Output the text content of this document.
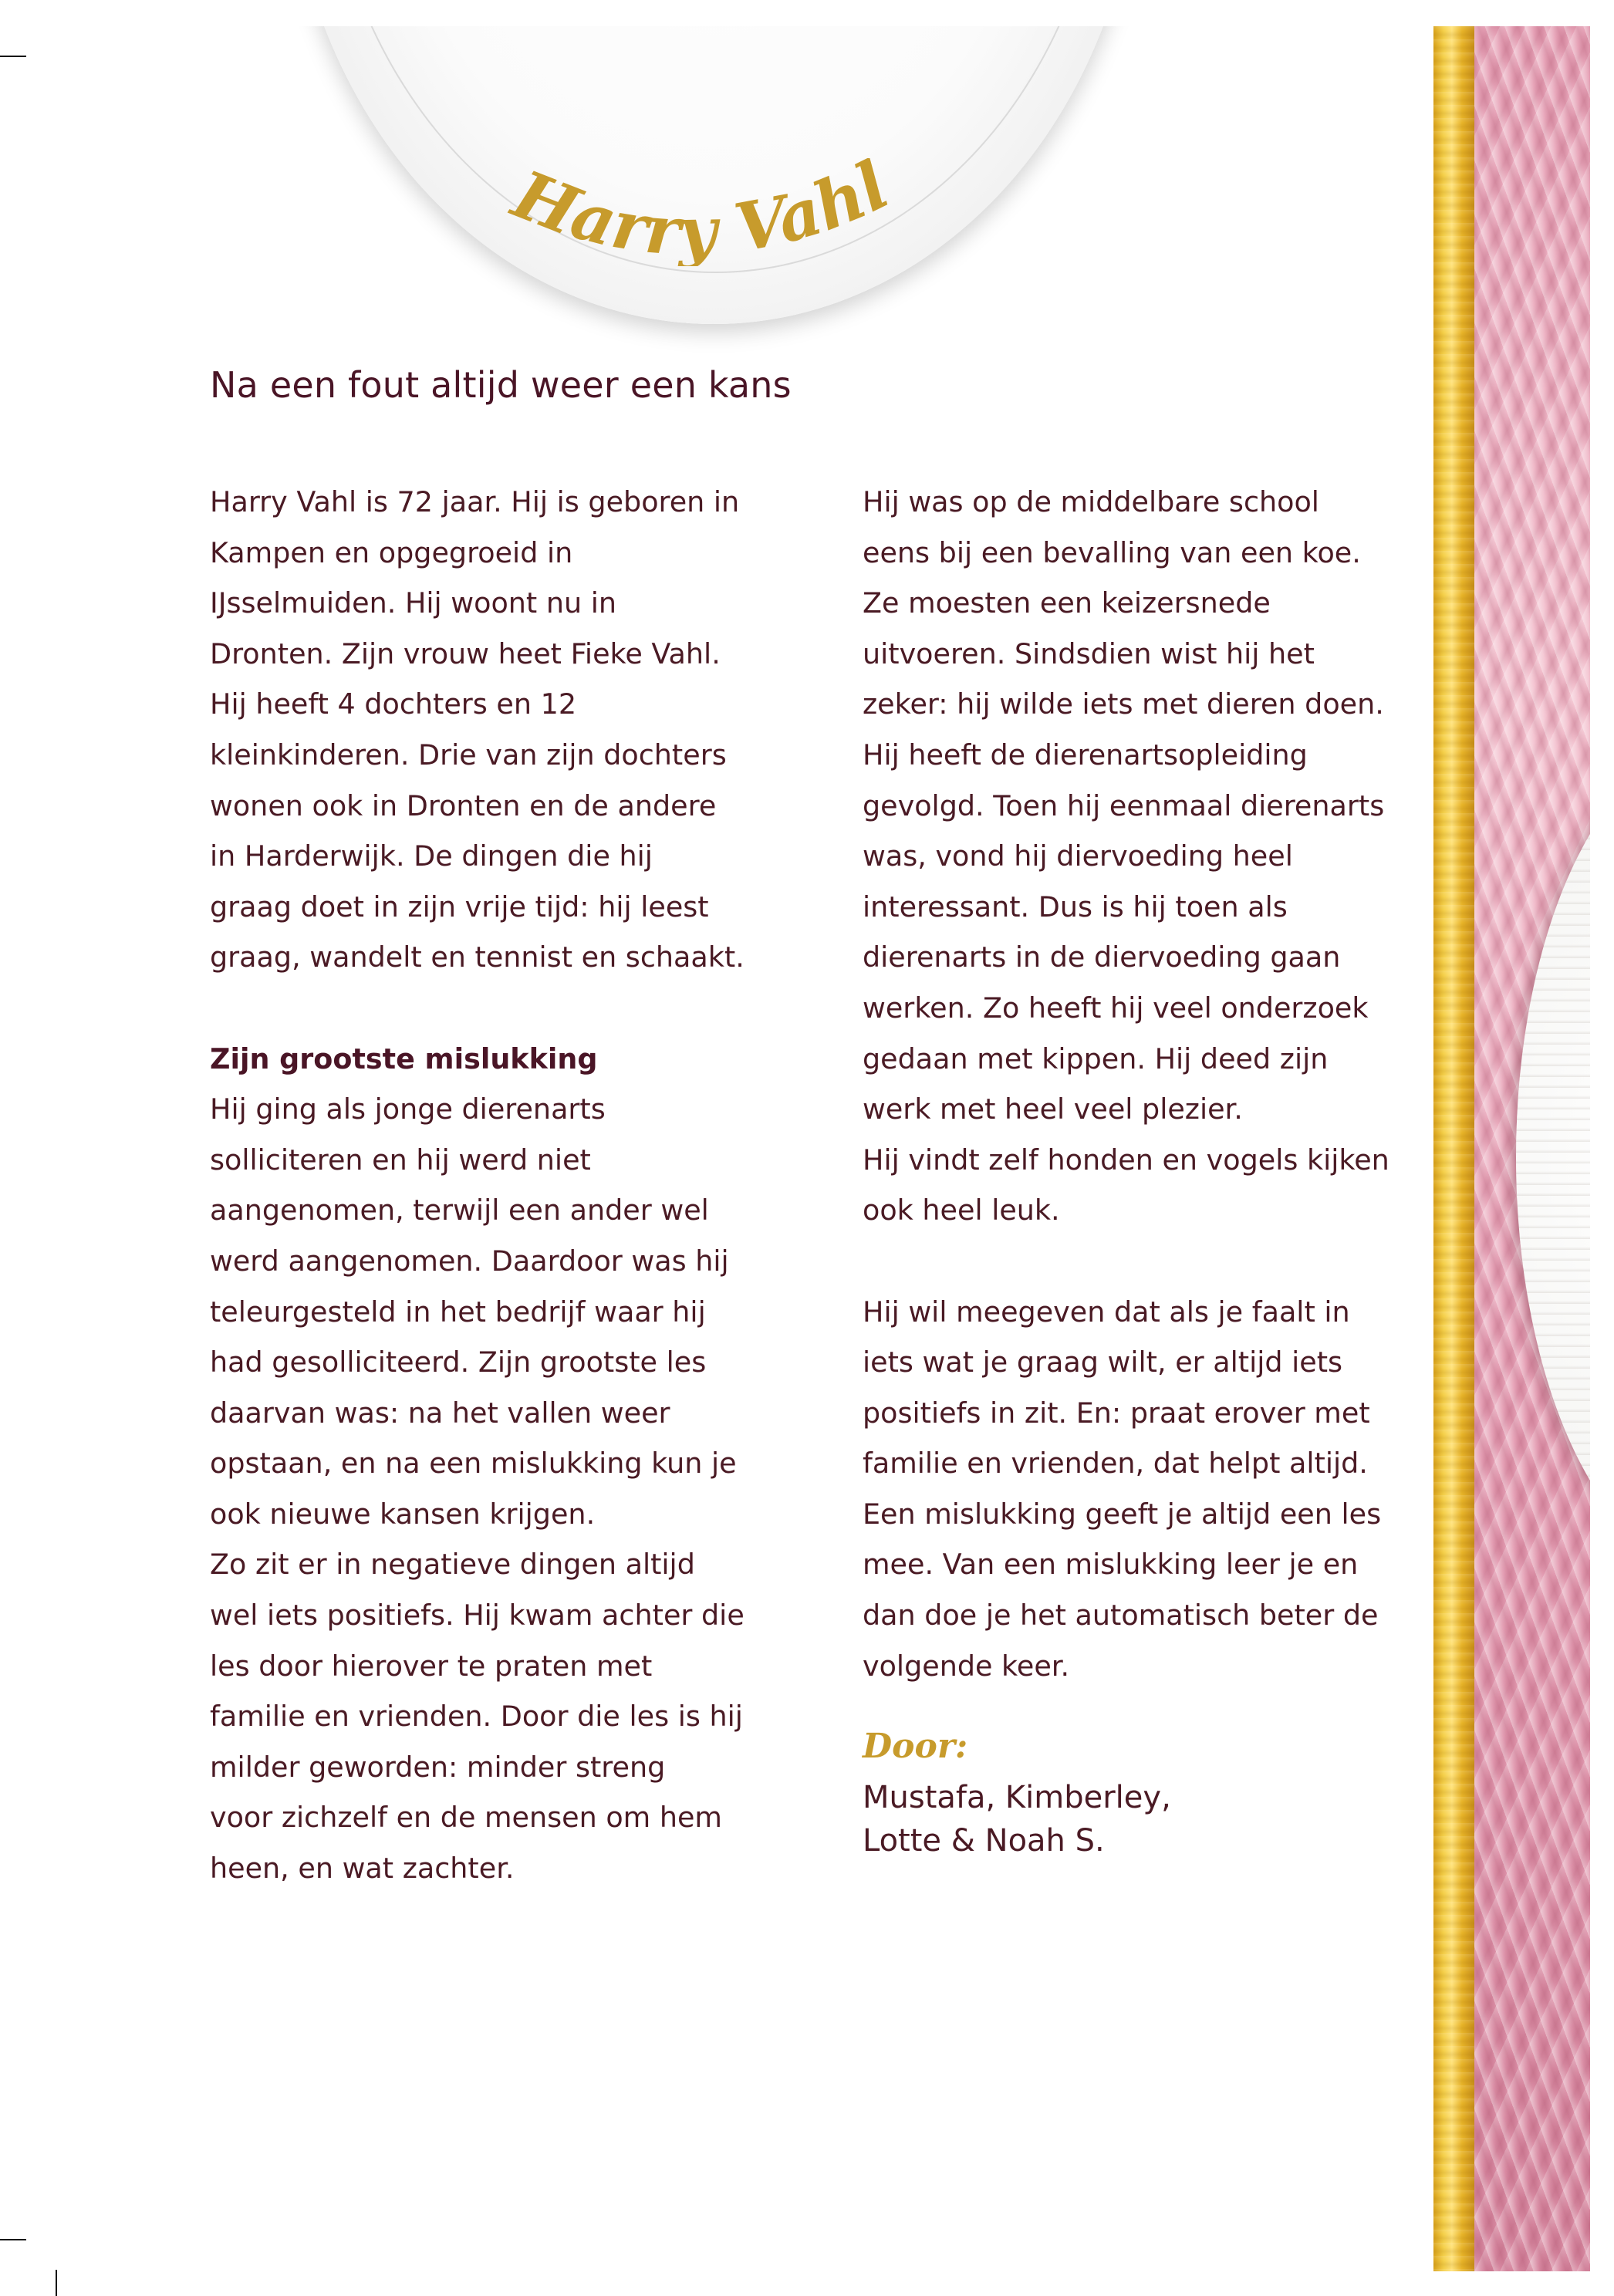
Harry Vahl
Na een fout altijd weer een kans
Harry Vahl is 72 jaar. Hij is geboren in
Kampen en opgegroeid in
IJsselmuiden. Hij woont nu in
Dronten. Zijn vrouw heet Fieke Vahl.
Hij heeft 4 dochters en 12
kleinkinderen. Drie van zijn dochters
wonen ook in Dronten en de andere
in Harderwijk. De dingen die hij
graag doet in zijn vrije tijd: hij leest
graag, wandelt en tennist en schaakt.
Zijn grootste mislukking
Hij ging als jonge dierenarts
solliciteren en hij werd niet
aangenomen, terwijl een ander wel
werd aangenomen. Daardoor was hij
teleurgesteld in het bedrijf waar hij
had gesolliciteerd. Zijn grootste les
daarvan was: na het vallen weer
opstaan, en na een mislukking kun je
ook nieuwe kansen krijgen.
Zo zit er in negatieve dingen altijd
wel iets positiefs. Hij kwam achter die
les door hierover te praten met
familie en vrienden. Door die les is hij
milder geworden: minder streng
voor zichzelf en de mensen om hem
heen, en wat zachter.
Hij was op de middelbare school
eens bij een bevalling van een koe.
Ze moesten een keizersnede
uitvoeren. Sindsdien wist hij het
zeker: hij wilde iets met dieren doen.
Hij heeft de dierenartsopleiding
gevolgd. Toen hij eenmaal dierenarts
was, vond hij diervoeding heel
interessant. Dus is hij toen als
dierenarts in de diervoeding gaan
werken. Zo heeft hij veel onderzoek
gedaan met kippen. Hij deed zijn
werk met heel veel plezier.
Hij vindt zelf honden en vogels kijken
ook heel leuk.
Hij wil meegeven dat als je faalt in
iets wat je graag wilt, er altijd iets
positiefs in zit. En: praat erover met
familie en vrienden, dat helpt altijd.
Een mislukking geeft je altijd een les
mee. Van een mislukking leer je en
dan doe je het automatisch beter de
volgende keer.
Door:
Mustafa, Kimberley,
Lotte & Noah S.
